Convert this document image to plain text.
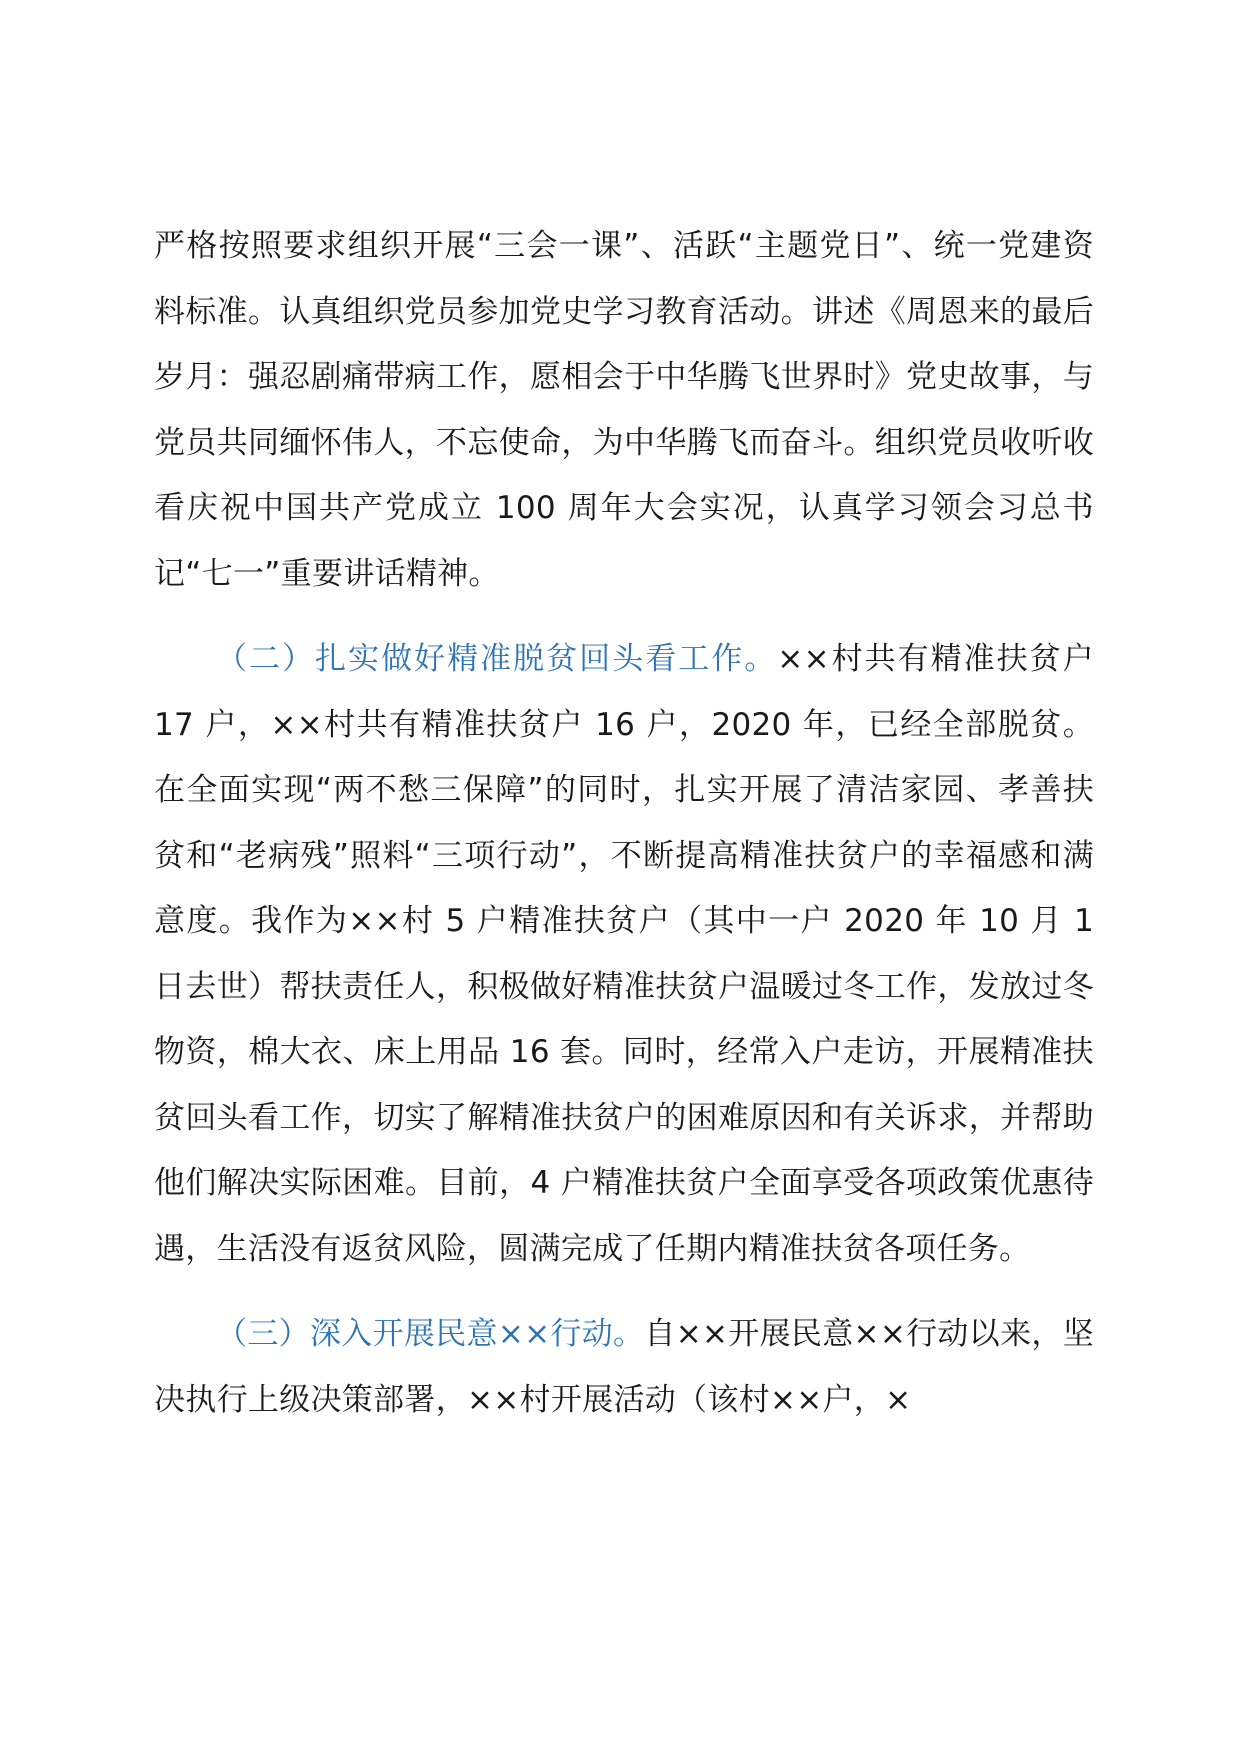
严格按照要求组织开展“三会一课”、活跃“主题党日”、统一党建资料标准。认真组织党员参加党史学习教育活动。讲述《周恩来的最后岁月：强忍剧痛带病工作，愿相会于中华腾飞世界时》党史故事，与党员共同缅怀伟人，不忘使命，为中华腾飞而奋斗。组织党员收听收看庆祝中国共产党成立 100 周年大会实况，认真学习领会习总书记“七一”重要讲话精神。

（二）扎实做好精准脱贫回头看工作。××村共有精准扶贫户 17 户，××村共有精准扶贫户 16 户，2020 年，已经全部脱贫。在全面实现“两不愁三保障”的同时，扎实开展了清洁家园、孝善扶贫和“老病残”照料“三项行动”，不断提高精准扶贫户的幸福感和满意度。我作为××村 5 户精准扶贫户（其中一户 2020 年 10 月 1 日去世）帮扶责任人，积极做好精准扶贫户温暖过冬工作，发放过冬物资，棉大衣、床上用品 16 套。同时，经常入户走访，开展精准扶贫回头看工作，切实了解精准扶贫户的困难原因和有关诉求，并帮助他们解决实际困难。目前，4 户精准扶贫户全面享受各项政策优惠待遇，生活没有返贫风险，圆满完成了任期内精准扶贫各项任务。

（三）深入开展民意××行动。自××开展民意××行动以来，坚决执行上级决策部署，××村开展活动（该村××户，×
